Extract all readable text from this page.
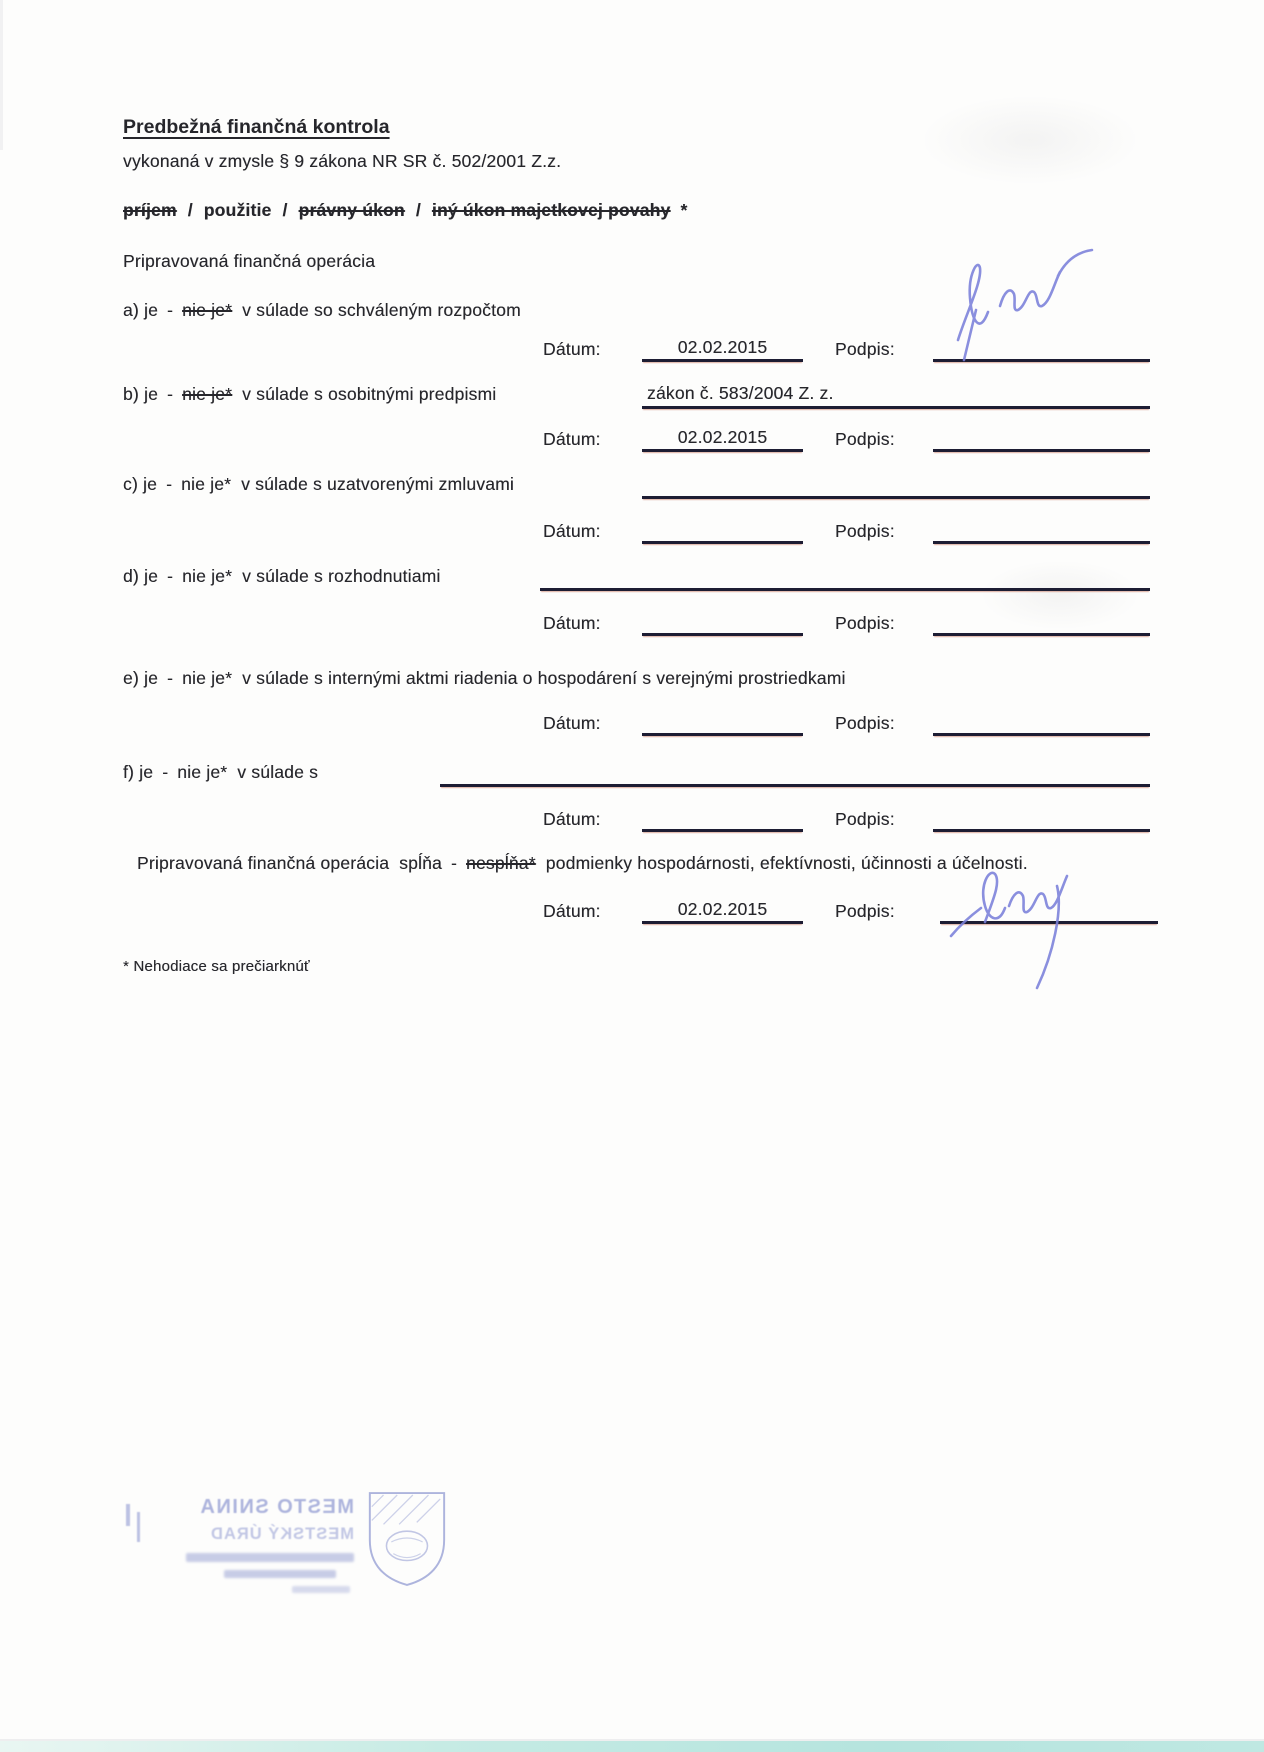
Predbežná finančná kontrola
vykonaná v zmysle § 9 zákona NR SR č. 502/2001 Z.z.
príjem / použitie / právny úkon / iný úkon majetkovej povahy *
Pripravovaná finančná operácia
a) je - nie je* v súlade so schváleným rozpočtom
Dátum:	02.02.2015	Podpis:
b) je - nie je* v súlade s osobitnými predpismi	zákon č. 583/2004 Z. z.
Dátum:	02.02.2015	Podpis:
c) je - nie je* v súlade s uzatvorenými zmluvami
Dátum:	Podpis:
d) je - nie je* v súlade s rozhodnutiami
Dátum:	Podpis:
e) je - nie je* v súlade s internými aktmi riadenia o hospodárení s verejnými prostriedkami
Dátum:	Podpis:
f) je - nie je* v súlade s
Dátum:	Podpis:
Pripravovaná finančná operácia spĺňa - nespĺňa* podmienky hospodárnosti, efektívnosti, účinnosti a účelnosti.
Dátum:	02.02.2015	Podpis:
* Nehodiace sa prečiarknúť
MESTO SNINA
MESTSKÝ ÚRAD
